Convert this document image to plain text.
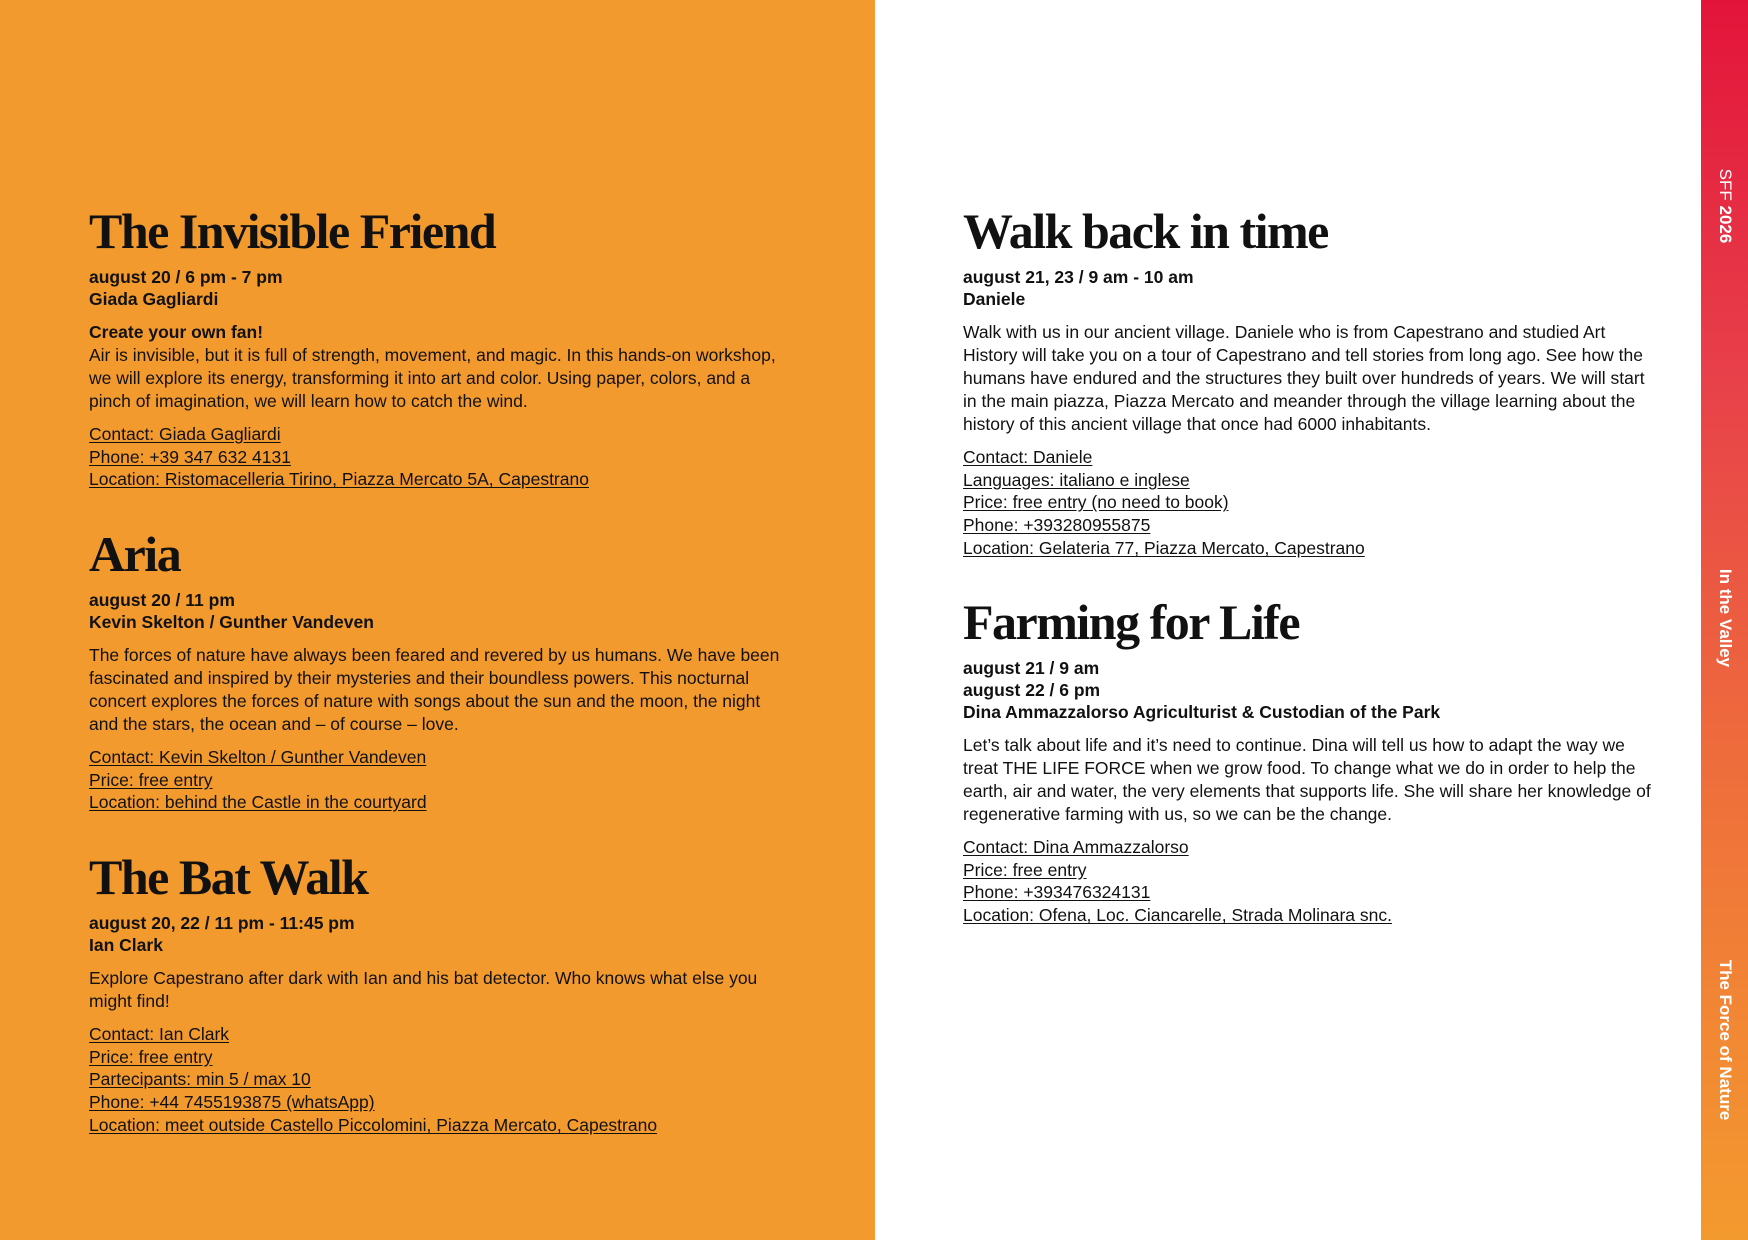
SFF 2026
In the Valley
The Force of Nature
The Invisible Friend
august 20 / 6 pm - 7 pm
Giada Gagliardi
Create your own fan!
Air is invisible, but it is full of strength, movement, and magic. In this hands-on workshop, we will explore its energy, transforming it into art and color. Using paper, colors, and a pinch of imagination, we will learn how to catch the wind.
Contact: Giada Gagliardi
Phone: +39 347 632 4131
Location: Ristomacelleria Tirino, Piazza Mercato 5A, Capestrano
Aria
august 20 / 11 pm
Kevin Skelton / Gunther Vandeven
The forces of nature have always been feared and revered by us humans. We have been fascinated and inspired by their mysteries and their boundless powers. This nocturnal concert explores the forces of nature with songs about the sun and the moon, the night and the stars, the ocean and – of course – love.
Contact: Kevin Skelton / Gunther Vandeven
Price: free entry
Location: behind the Castle in the courtyard
The Bat Walk
august 20, 22 / 11 pm - 11:45 pm
Ian Clark
Explore Capestrano after dark with Ian and his bat detector. Who knows what else you might find!
Contact: Ian Clark
Price: free entry
Partecipants: min 5 / max 10
Phone: +44 7455193875 (whatsApp)
Location: meet outside Castello Piccolomini, Piazza Mercato, Capestrano
Walk back in time
august 21, 23 / 9 am - 10 am
Daniele
Walk with us in our ancient village. Daniele who is from Capestrano and studied Art History will take you on a tour of Capestrano and tell stories from long ago. See how the humans have endured and the structures they built over hundreds of years. We will start in the main piazza, Piazza Mercato and meander through the village learning about the history of this ancient village that once had 6000 inhabitants.
Contact: Daniele
Languages: italiano e inglese
Price: free entry (no need to book)
Phone: +393280955875
Location: Gelateria 77, Piazza Mercato, Capestrano
Farming for Life
august 21 / 9 am
august 22 / 6 pm
Dina Ammazzalorso Agriculturist & Custodian of the Park
Let’s talk about life and it’s need to continue. Dina will tell us how to adapt the way we treat THE LIFE FORCE when we grow food. To change what we do in order to help the earth, air and water, the very elements that supports life. She will share her knowledge of regenerative farming with us, so we can be the change.
Contact: Dina Ammazzalorso
Price: free entry
Phone: +393476324131
Location: Ofena, Loc. Ciancarelle, Strada Molinara snc.
